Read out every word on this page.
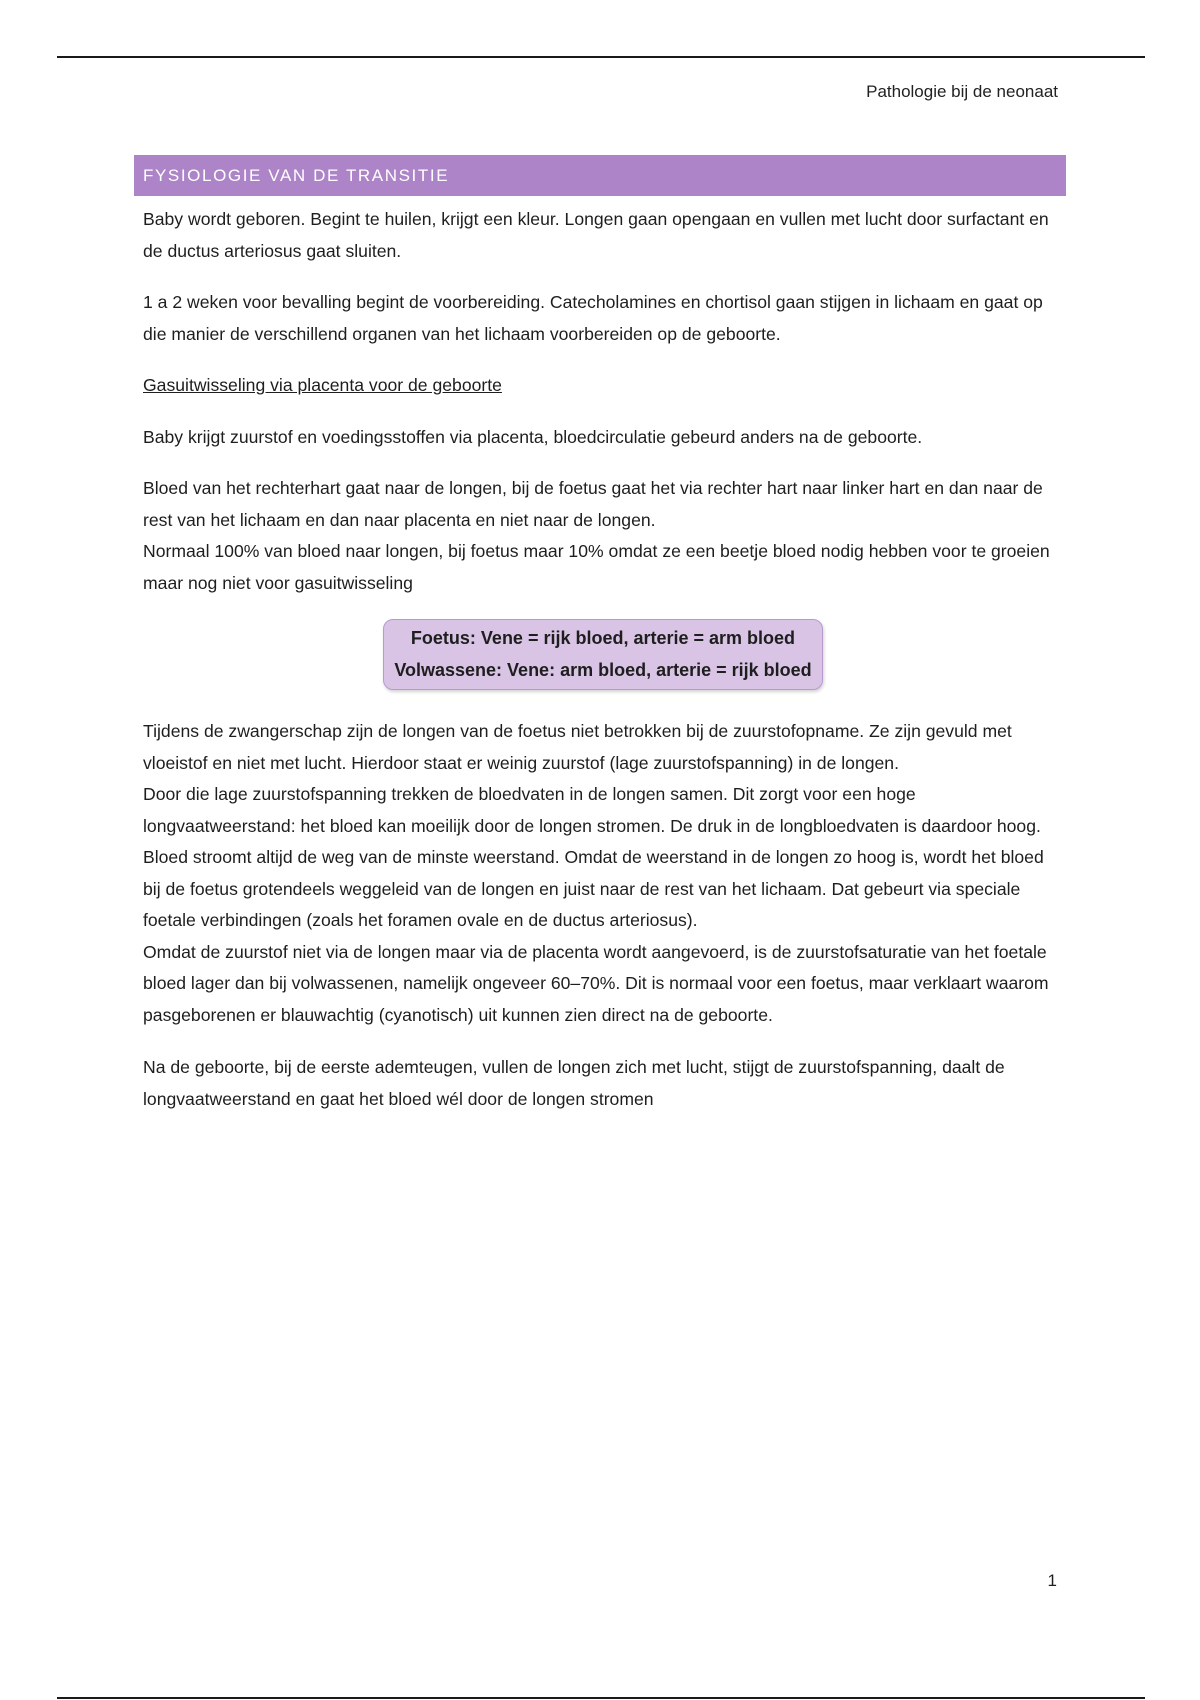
Pathologie bij de neonaat
FYSIOLOGIE VAN DE TRANSITIE

Baby wordt geboren. Begint te huilen, krijgt een kleur. Longen gaan opengaan en vullen met lucht door surfactant en de ductus arteriosus gaat sluiten.

1 a 2 weken voor bevalling begint de voorbereiding. Catecholamines en chortisol gaan stijgen in lichaam en gaat op die manier de verschillend organen van het lichaam voorbereiden op de geboorte.

Gasuitwisseling via placenta voor de geboorte

Baby krijgt zuurstof en voedingsstoffen via placenta, bloedcirculatie gebeurd anders na de geboorte.

Bloed van het rechterhart gaat naar de longen, bij de foetus gaat het via rechter hart naar linker hart en dan naar de rest van het lichaam en dan naar placenta en niet naar de longen.
Normaal 100% van bloed naar longen, bij foetus maar 10% omdat ze een beetje bloed nodig hebben voor te groeien maar nog niet voor gasuitwisseling

Foetus: Vene = rijk bloed, arterie = arm bloed
Volwassene: Vene: arm bloed, arterie = rijk bloed

Tijdens de zwangerschap zijn de longen van de foetus niet betrokken bij de zuurstofopname. Ze zijn gevuld met vloeistof en niet met lucht. Hierdoor staat er weinig zuurstof (lage zuurstofspanning) in de longen.
Door die lage zuurstofspanning trekken de bloedvaten in de longen samen. Dit zorgt voor een hoge longvaatweerstand: het bloed kan moeilijk door de longen stromen. De druk in de longbloedvaten is daardoor hoog.
Bloed stroomt altijd de weg van de minste weerstand. Omdat de weerstand in de longen zo hoog is, wordt het bloed bij de foetus grotendeels weggeleid van de longen en juist naar de rest van het lichaam. Dat gebeurt via speciale foetale verbindingen (zoals het foramen ovale en de ductus arteriosus).
Omdat de zuurstof niet via de longen maar via de placenta wordt aangevoerd, is de zuurstofsaturatie van het foetale bloed lager dan bij volwassenen, namelijk ongeveer 60–70%. Dit is normaal voor een foetus, maar verklaart waarom pasgeborenen er blauwachtig (cyanotisch) uit kunnen zien direct na de geboorte.

Na de geboorte, bij de eerste ademteugen, vullen de longen zich met lucht, stijgt de zuurstofspanning, daalt de longvaatweerstand en gaat het bloed wél door de longen stromen

1
